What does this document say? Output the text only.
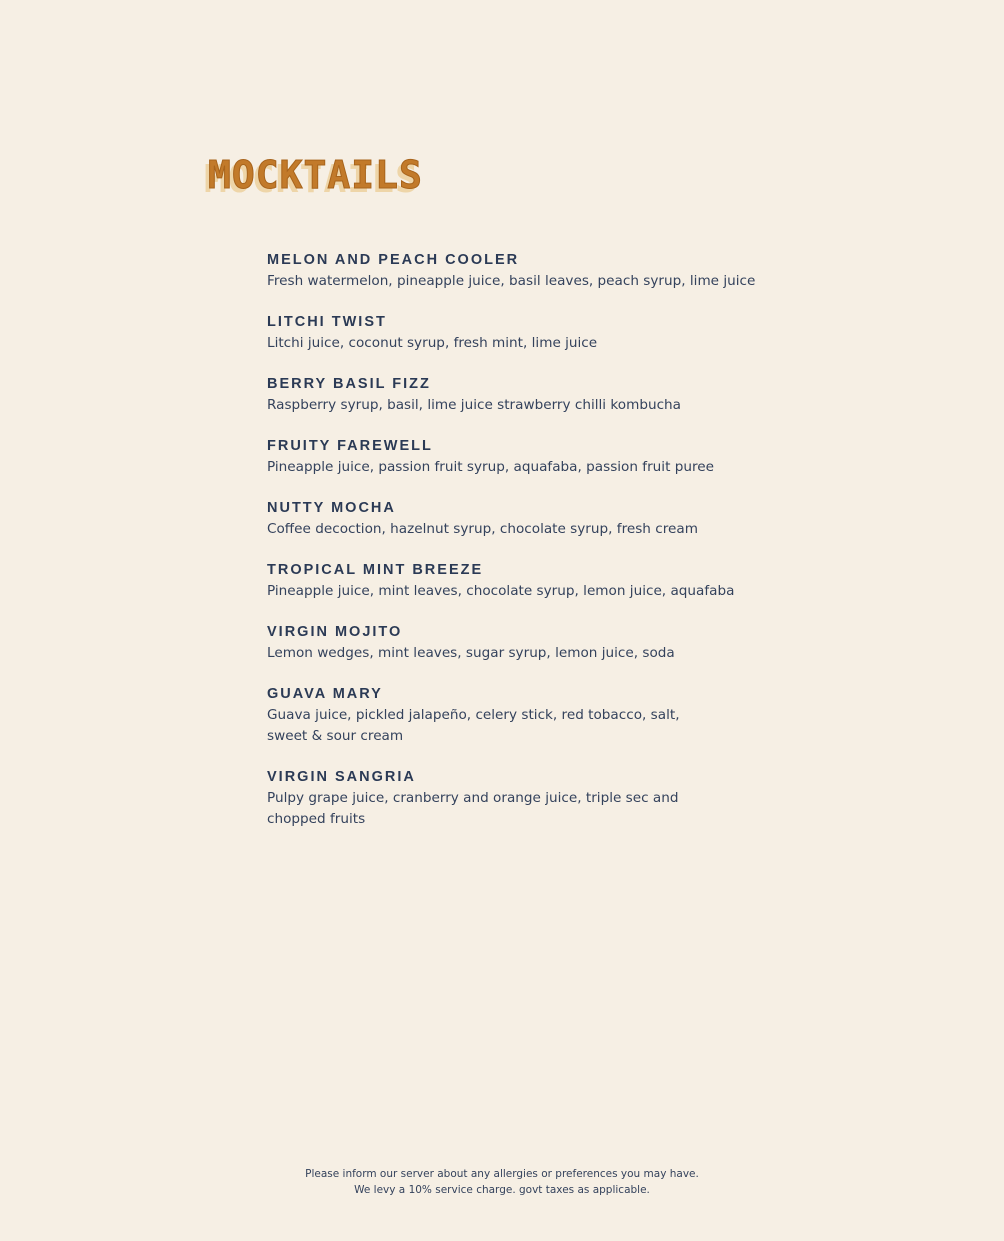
MOCKTAILS
MELON AND PEACH COOLER
Fresh watermelon, pineapple juice, basil leaves, peach syrup, lime juice
LITCHI TWIST
Litchi juice, coconut syrup, fresh mint, lime juice
BERRY BASIL FIZZ
Raspberry syrup, basil, lime juice strawberry chilli kombucha
FRUITY FAREWELL
Pineapple juice, passion fruit syrup, aquafaba, passion fruit puree
NUTTY MOCHA
Coffee decoction, hazelnut syrup, chocolate syrup, fresh cream
TROPICAL MINT BREEZE
Pineapple juice, mint leaves, chocolate syrup, lemon juice, aquafaba
VIRGIN MOJITO
Lemon wedges, mint leaves, sugar syrup, lemon juice, soda
GUAVA MARY
Guava juice, pickled jalapeño, celery stick, red tobacco, salt, sweet & sour cream
VIRGIN SANGRIA
Pulpy grape juice, cranberry and orange juice, triple sec and chopped fruits
Please inform our server about any allergies or preferences you may have.
We levy a 10% service charge. govt taxes as applicable.
